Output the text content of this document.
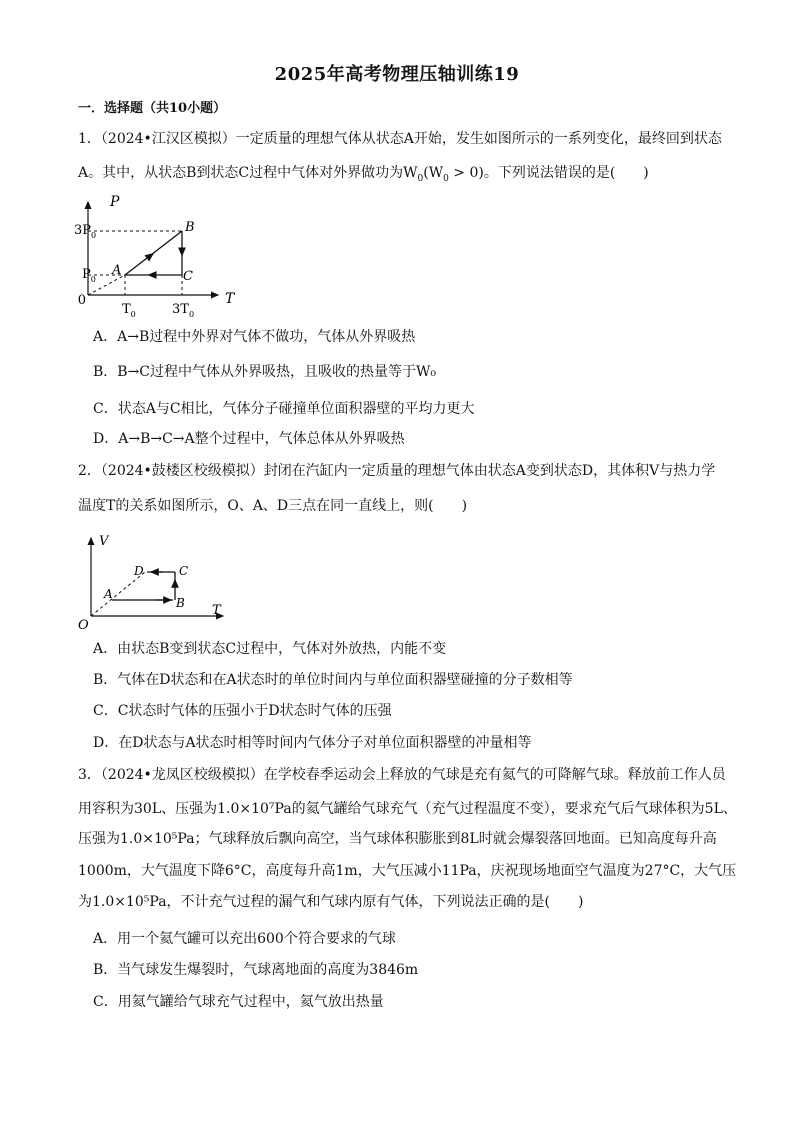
2025年高考物理压轴训练19
一．选择题（共10小题）
1．（2024•江汉区模拟）一定质量的理想气体从状态A开始，发生如图所示的一系列变化，最终回到状态
A。其中，从状态B到状态C过程中气体对外界做功为$W_0(W_0 > 0)$。下列说法错误的是(　　)
P
T
0
$3P_0$
$P_0$
$T_0$	$3T_0$
A
B
C
A．A→B过程中外界对气体不做功，气体从外界吸热
B．B→C过程中气体从外界吸热，且吸收的热量等于W₀
C．状态A与C相比，气体分子碰撞单位面积器壁的平均力更大
D．A→B→C→A整个过程中，气体总体从外界吸热
2．（2024•鼓楼区校级模拟）封闭在汽缸内一定质量的理想气体由状态A变到状态D，其体积V与热力学
温度T的关系如图所示，O、A、D三点在同一直线上，则(　　)
V
T
O
A
B
C
D
A．由状态B变到状态C过程中，气体对外放热，内能不变
B．气体在D状态和在A状态时的单位时间内与单位面积器壁碰撞的分子数相等
C．C状态时气体的压强小于D状态时气体的压强
D．在D状态与A状态时相等时间内气体分子对单位面积器壁的冲量相等
3．（2024•龙凤区校级模拟）在学校春季运动会上释放的气球是充有氦气的可降解气球。释放前工作人员
用容积为30L、压强为1.0×10⁷Pa的氦气罐给气球充气（充气过程温度不变），要求充气后气球体积为5L、
压强为1.0×10⁵Pa；气球释放后飘向高空，当气球体积膨胀到8L时就会爆裂落回地面。已知高度每升高
1000m，大气温度下降6°C，高度每升高1m，大气压减小11Pa，庆祝现场地面空气温度为27°C，大气压
为1.0×10⁵Pa，不计充气过程的漏气和气球内原有气体，下列说法正确的是(　　)
A．用一个氦气罐可以充出600个符合要求的气球
B．当气球发生爆裂时，气球离地面的高度为3846m
C．用氦气罐给气球充气过程中，氦气放出热量
